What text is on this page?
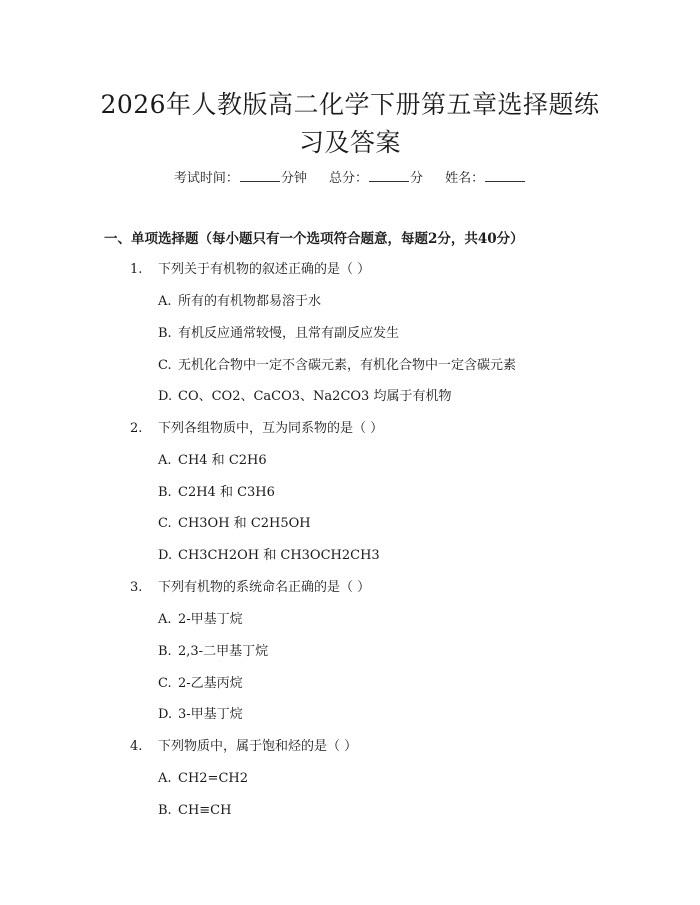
2026年人教版高二化学下册第五章选择题练
习及答案
考试时间：	分钟 总分：	分 姓名：
一、单项选择题（每小题只有一个选项符合题意，每题2分，共40分）
1. 下列关于有机物的叙述正确的是（ ）
A. 所有的有机物都易溶于水
B. 有机反应通常较慢，且常有副反应发生
C. 无机化合物中一定不含碳元素，有机化合物中一定含碳元素
D. CO、CO2、CaCO3、Na2CO3 均属于有机物
2. 下列各组物质中，互为同系物的是（ ）
A. CH4 和 C2H6
B. C2H4 和 C3H6
C. CH3OH 和 C2H5OH
D. CH3CH2OH 和 CH3OCH2CH3
3. 下列有机物的系统命名正确的是（ ）
A. 2-甲基丁烷
B. 2,3-二甲基丁烷
C. 2-乙基丙烷
D. 3-甲基丁烷
4. 下列物质中，属于饱和烃的是（ ）
A. CH2=CH2
B. CH≡CH
